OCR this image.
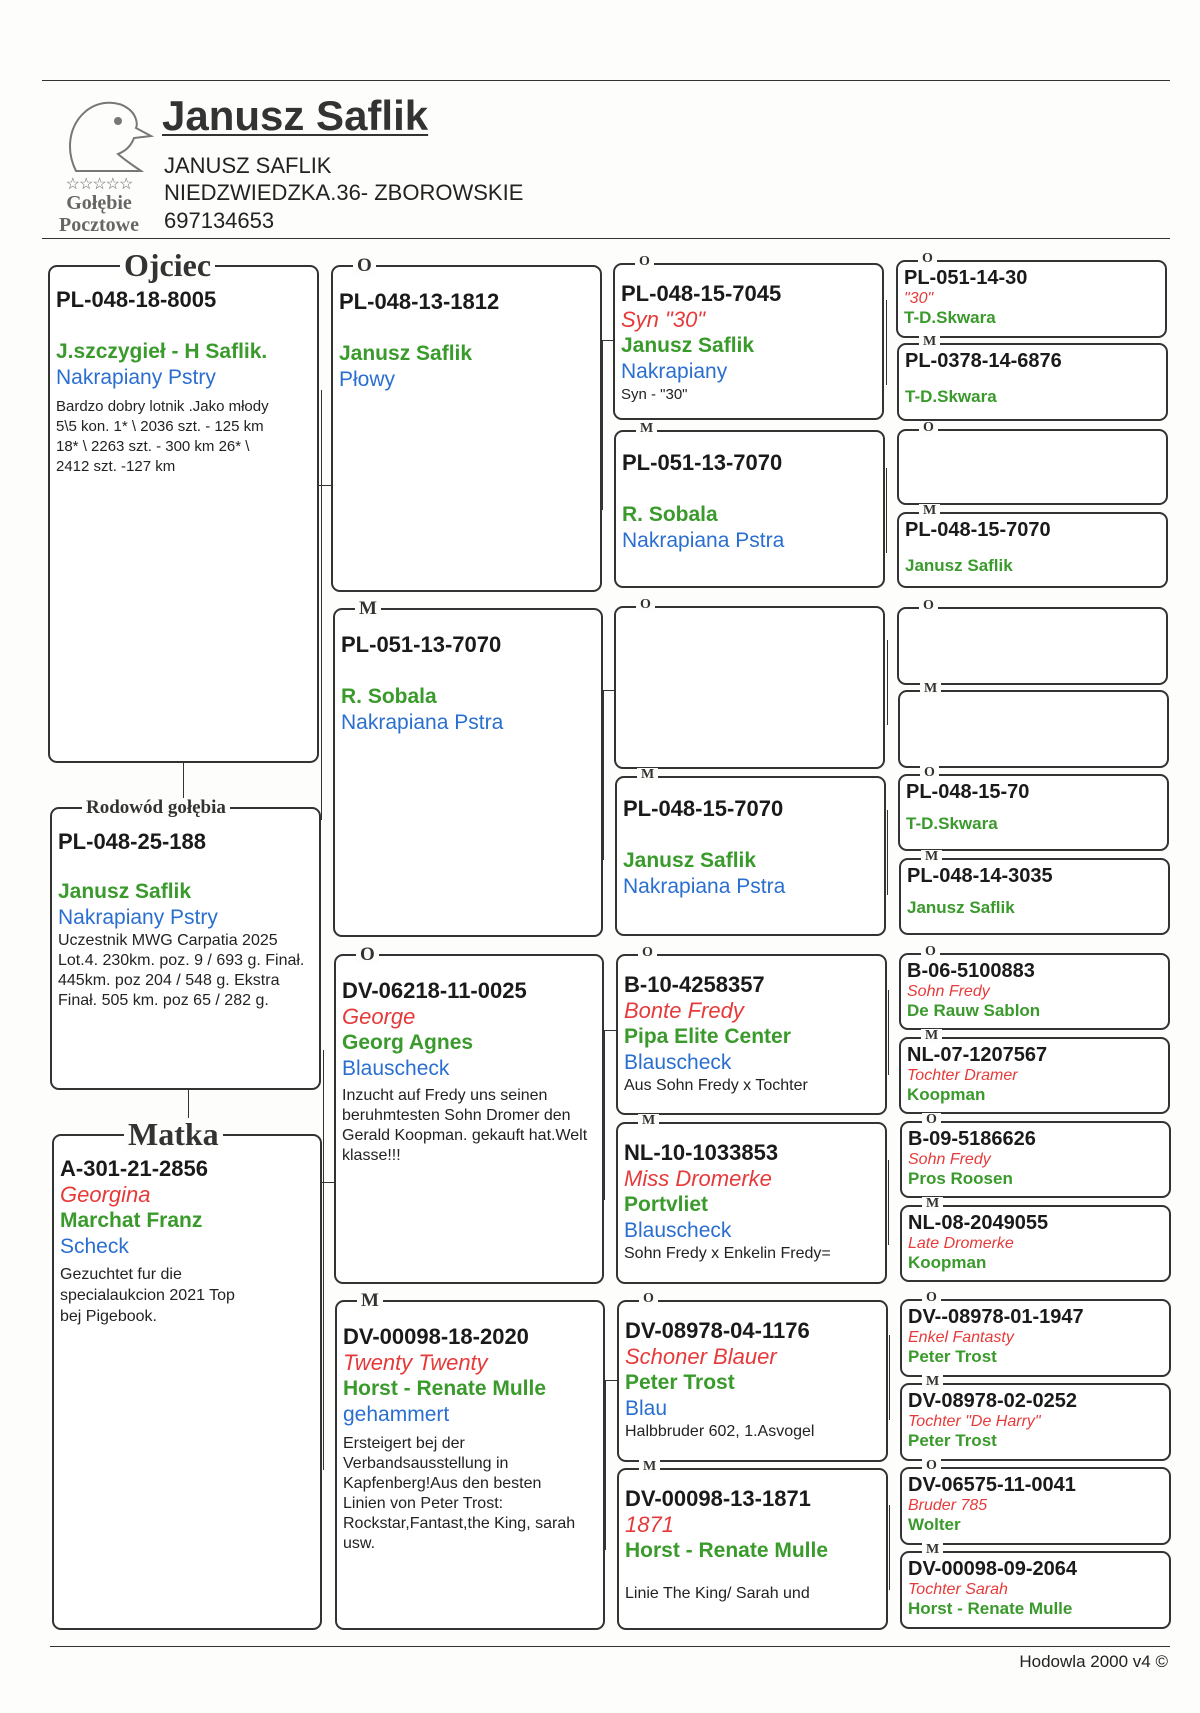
☆☆☆☆☆
Gołębie
Pocztowe
Janusz Saflik
JANUSZ SAFLIK
NIEDZWIEDZKA.36- ZBOROWSKIE
697134653
Ojciec
PL-048-18-8005
J.szczygieł - H Saflik.
Nakrapiany Pstry
Bardzo dobry lotnik .Jako młody 5\5 kon. 1* \ 2036 szt. - 125 km 18* \ 2263 szt. - 300 km 26* \ 2412 szt. -127 km
Rodowód gołębia
PL-048-25-188
Janusz Saflik
Nakrapiany Pstry
Uczestnik MWG Carpatia 2025 Lot.4. 230km. poz. 9 / 693 g. Finał. 445km. poz 204 / 548 g. Ekstra Finał. 505 km. poz 65 / 282 g.
Matka
A-301-21-2856
Georgina
Marchat Franz
Scheck
Gezuchtet fur die specialaukcion 2021 Top bej Pigebook.
O
PL-048-13-1812
Janusz Saflik
Płowy
M
PL-051-13-7070
R. Sobala
Nakrapiana Pstra
O
DV-06218-11-0025
George
Georg Agnes
Blauscheck
Inzucht auf Fredy uns seinen beruhmtesten Sohn Dromer den Gerald Koopman. gekauft hat.Welt klasse!!!
M
DV-00098-18-2020
Twenty Twenty
Horst - Renate Mulle
gehammert
Ersteigert bej der Verbandsausstellung in Kapfenberg!Aus den besten Linien von Peter Trost: Rockstar,Fantast,the King, sarah usw.
O
PL-048-15-7045
Syn "30"
Janusz Saflik
Nakrapiany
Syn - "30"
M
PL-051-13-7070
R. Sobala
Nakrapiana Pstra
O
M
PL-048-15-7070
Janusz Saflik
Nakrapiana Pstra
O
B-10-4258357
Bonte Fredy
Pipa Elite Center
Blauscheck
Aus Sohn Fredy x Tochter
M
NL-10-1033853
Miss Dromerke
Portvliet
Blauscheck
Sohn Fredy x Enkelin Fredy=
O
DV-08978-04-1176
Schoner Blauer
Peter Trost
Blau
Halbbruder 602, 1.Asvogel
M
DV-00098-13-1871
1871
Horst - Renate Mulle
Linie The King/ Sarah und
O
PL-051-14-30
"30"
T-D.Skwara
M
PL-0378-14-6876
T-D.Skwara
O
M
PL-048-15-7070
Janusz Saflik
O
M
O
PL-048-15-70
T-D.Skwara
M
PL-048-14-3035
Janusz Saflik
O
B-06-5100883
Sohn Fredy
De Rauw Sablon
M
NL-07-1207567
Tochter Dramer
Koopman
O
B-09-5186626
Sohn Fredy
Pros Roosen
M
NL-08-2049055
Late Dromerke
Koopman
O
DV--08978-01-1947
Enkel Fantasty
Peter Trost
M
DV-08978-02-0252
Tochter "De Harry"
Peter Trost
O
DV-06575-11-0041
Bruder 785
Wolter
M
DV-00098-09-2064
Tochter Sarah
Horst - Renate Mulle
Hodowla 2000 v4 ©
